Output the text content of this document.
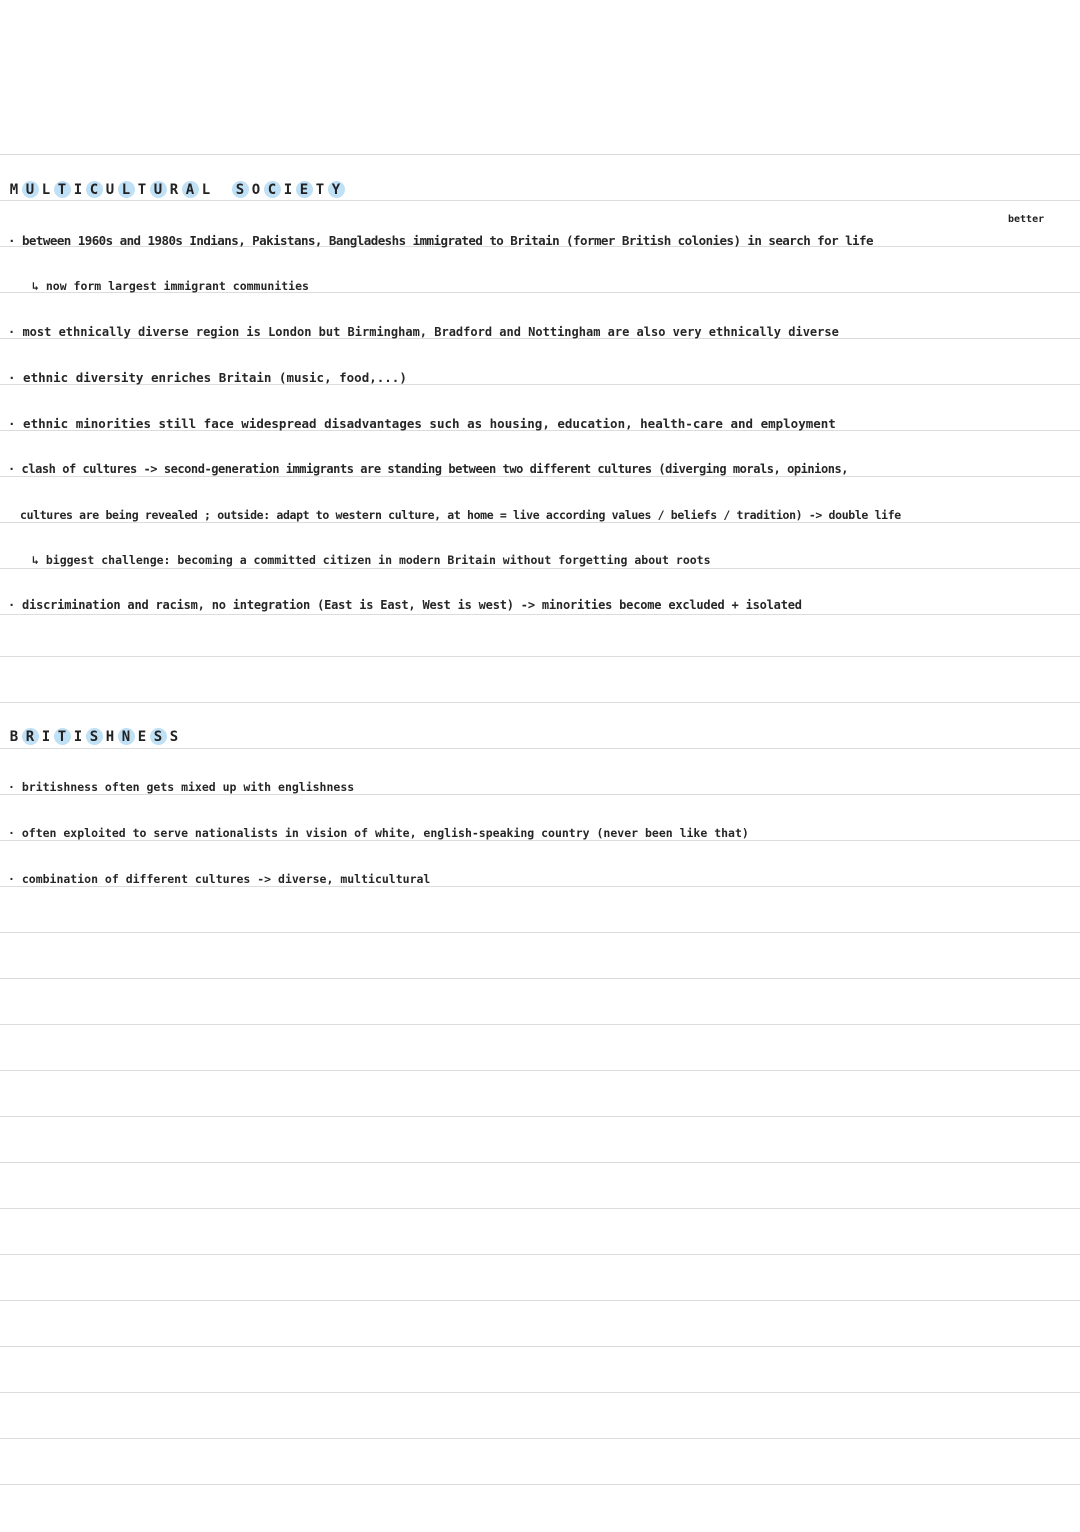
M U L T I C U L T U R A L S O C I E T Y
better
· between 1960s and 1980s Indians, Pakistans, Bangladeshs immigrated to Britain (former British colonies) in search for life
↳ now form largest immigrant communities
· most ethnically diverse region is London but Birmingham, Bradford and Nottingham are also very ethnically diverse
· ethnic diversity enriches Britain (music, food,...)
· ethnic minorities still face widespread disadvantages such as housing, education, health-care and employment
· clash of cultures -> second-generation immigrants are standing between two different cultures (diverging morals, opinions,
cultures are being revealed ; outside: adapt to western culture, at home = live according values / beliefs / tradition) -> double life
↳ biggest challenge: becoming a committed citizen in modern Britain without forgetting about roots
· discrimination and racism, no integration (East is East, West is west) -> minorities become excluded + isolated
B R I T I S H N E S S
· britishness often gets mixed up with englishness
· often exploited to serve nationalists in vision of white, english-speaking country (never been like that)
· combination of different cultures -> diverse, multicultural
